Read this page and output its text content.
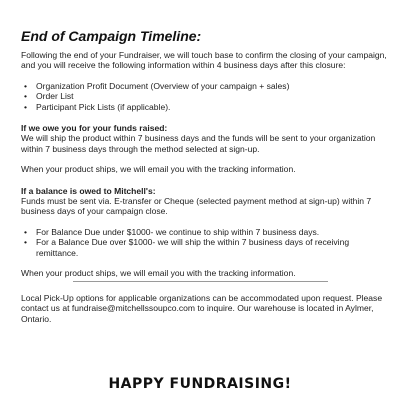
End of Campaign Timeline:

Following the end of your Fundraiser, we will touch base to confirm the closing of your campaign, and you will receive the following information within 4 business days after this closure:

• Organization Profit Document (Overview of your campaign + sales)
• Order List
• Participant Pick Lists (if applicable).

If we owe you for your funds raised:

We will ship the product within 7 business days and the funds will be sent to your organization within 7 business days through the method selected at sign-up.

When your product ships, we will email you with the tracking information.

If a balance is owed to Mitchell's:

Funds must be sent via. E-transfer or Cheque (selected payment method at sign-up) within 7 business days of your campaign close.

• For Balance Due under $1000- we continue to ship within 7 business days.
• For a Balance Due over $1000- we will ship the within 7 business days of receiving remittance.

When your product ships, we will email you with the tracking information.

Local Pick-Up options for applicable organizations can be accommodated upon request. Please contact us at fundraise@mitchellssoupco.com to inquire. Our warehouse is located in Aylmer, Ontario.

HAPPY FUNDRAISING!
